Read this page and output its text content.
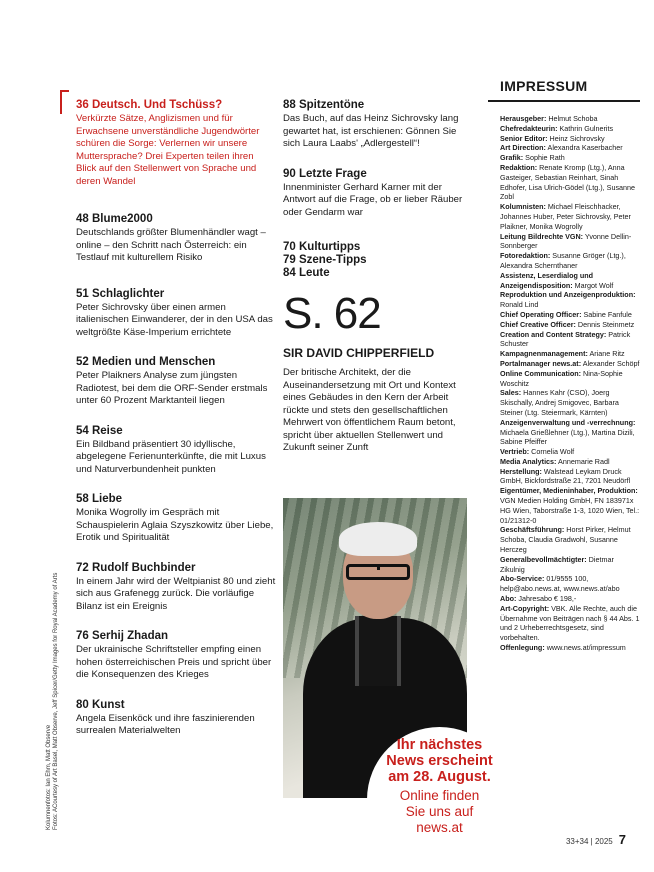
36 Deutsch. Und Tschüss?
Verkürzte Sätze, Anglizismen und für Erwachsene unverständliche Jugendwörter schüren die Sorge: Verlernen wir unsere Muttersprache? Drei Experten teilen ihren Blick auf den Stellenwert von Sprache und deren Wandel
48 Blume2000
Deutschlands größter Blumenhändler wagt – online – den Schritt nach Österreich: ein Testlauf mit kulturellem Risiko
51 Schlaglichter
Peter Sichrovsky über einen armen italienischen Einwanderer, der in den USA das weltgrößte Käse-Imperium errichtete
52 Medien und Menschen
Peter Plaikners Analyse zum jüngsten Radiotest, bei dem die ORF-Sender erstmals unter 60 Prozent Marktanteil liegen
54 Reise
Ein Bildband präsentiert 30 idyllische, abgelegene Ferienunterkünfte, die mit Luxus und Naturverbundenheit punkten
58 Liebe
Monika Wogrolly im Gespräch mit Schauspielerin Aglaia Szyszkowitz über Liebe, Erotik und Spiritualität
72 Rudolf Buchbinder
In einem Jahr wird der Weltpianist 80 und zieht sich aus Grafenegg zurück. Die vorläufige Bilanz ist ein Ereignis
76 Serhij Zhadan
Der ukrainische Schriftsteller empfing einen hohen österreichischen Preis und spricht über die Konsequenzen des Krieges
80 Kunst
Angela Eisenköck und ihre faszinierenden surrealen Materialwelten
88 Spitzentöne
Das Buch, auf das Heinz Sichrovsky lang gewartet hat, ist erschienen: Gönnen Sie sich Laura Laabs' „Adlergestell“!
90 Letzte Frage
Innenminister Gerhard Karner mit der Antwort auf die Frage, ob er lieber Räuber oder Gendarm war
70 Kulturtipps
79 Szene-Tipps
84 Leute
S. 62
SIR DAVID CHIPPERFIELD
Der britische Architekt, der die Auseinandersetzung mit Ort und Kontext eines Gebäudes in den Kern der Arbeit rückte und stets den gesellschaftlichen Mehrwert von öffentlichem Raum betont, spricht über aktuellen Stellenwert und Zukunft seiner Zunft
Ihr nächstes
News erscheint
am 28. August.
Online finden
Sie uns auf
news.at
IMPRESSUM
Herausgeber: Helmut Schoba
Chefredakteurin: Kathrin Gulnerits
Senior Editor: Heinz Sichrovsky
Art Direction: Alexandra Kaserbacher
Grafik: Sophie Rath
Redaktion: Renate Kromp (Ltg.), Anna Gasteiger, Sebastian Reinhart, Sinah Edhofer, Lisa Ulrich-Gödel (Ltg.), Susanne Zobl
Kolumnisten: Michael Fleischhacker, Johannes Huber, Peter Sichrovsky, Peter Plaikner, Monika Wogrolly
Leitung Bildrechte VGN: Yvonne Dellin-Sonnberger
Fotoredaktion: Susanne Gröger (Ltg.), Alexandra Schernthaner
Assistenz, Leserdialog und Anzeigendisposition: Margot Wolf
Reproduktion und Anzeigenproduktion: Ronald Lind
Chief Operating Officer: Sabine Fanfule
Chief Creative Officer: Dennis Steinmetz
Creation and Content Strategy: Patrick Schuster
Kampagnenmanagement: Ariane Ritz
Portalmanager news.at: Alexander Schöpf
Online Communication: Nina-Sophie Woschitz
Sales: Hannes Kahr (CSO), Joerg Skischally, Andrej Smigovec, Barbara Steiner (Ltg. Steiermark, Kärnten)
Anzeigenverwaltung und -verrechnung: Michaela Grießlehner (Ltg.), Martina Dizili, Sabine Pfeiffer
Vertrieb: Cornelia Wolf
Media Analytics: Annemarie Radl
Herstellung: Walstead Leykam Druck GmbH, Bickfordstraße 21, 7201 Neudörfl
Eigentümer, Medieninhaber, Produktion: VGN Medien Holding GmbH, FN 183971x HG Wien, Taborstraße 1-3, 1020 Wien, Tel.: 01/21312-0
Geschäftsführung: Horst Pirker, Helmut Schoba, Claudia Gradwohl, Susanne Herczeg
Generalbevollmächtigter: Dietmar Zikulnig
Abo-Service: 01/9555 100, help@abo.news.at, www.news.at/abo
Abo: Jahresabo € 198,-
Art-Copyright: VBK. Alle Rechte, auch die Übernahme von Beiträgen nach § 44 Abs. 1 und 2 Urheberrechtsgesetz, sind vorbehalten.
Offenlegung: www.news.at/impressum
Kolumnenfotos: Ian Ehm, Matt Observe Fotos: ACourtesy of Art Basel, Matt Observe, Jeff Spicer/Getty Images for Royal Academy of Arts
33+34 | 2025 7
